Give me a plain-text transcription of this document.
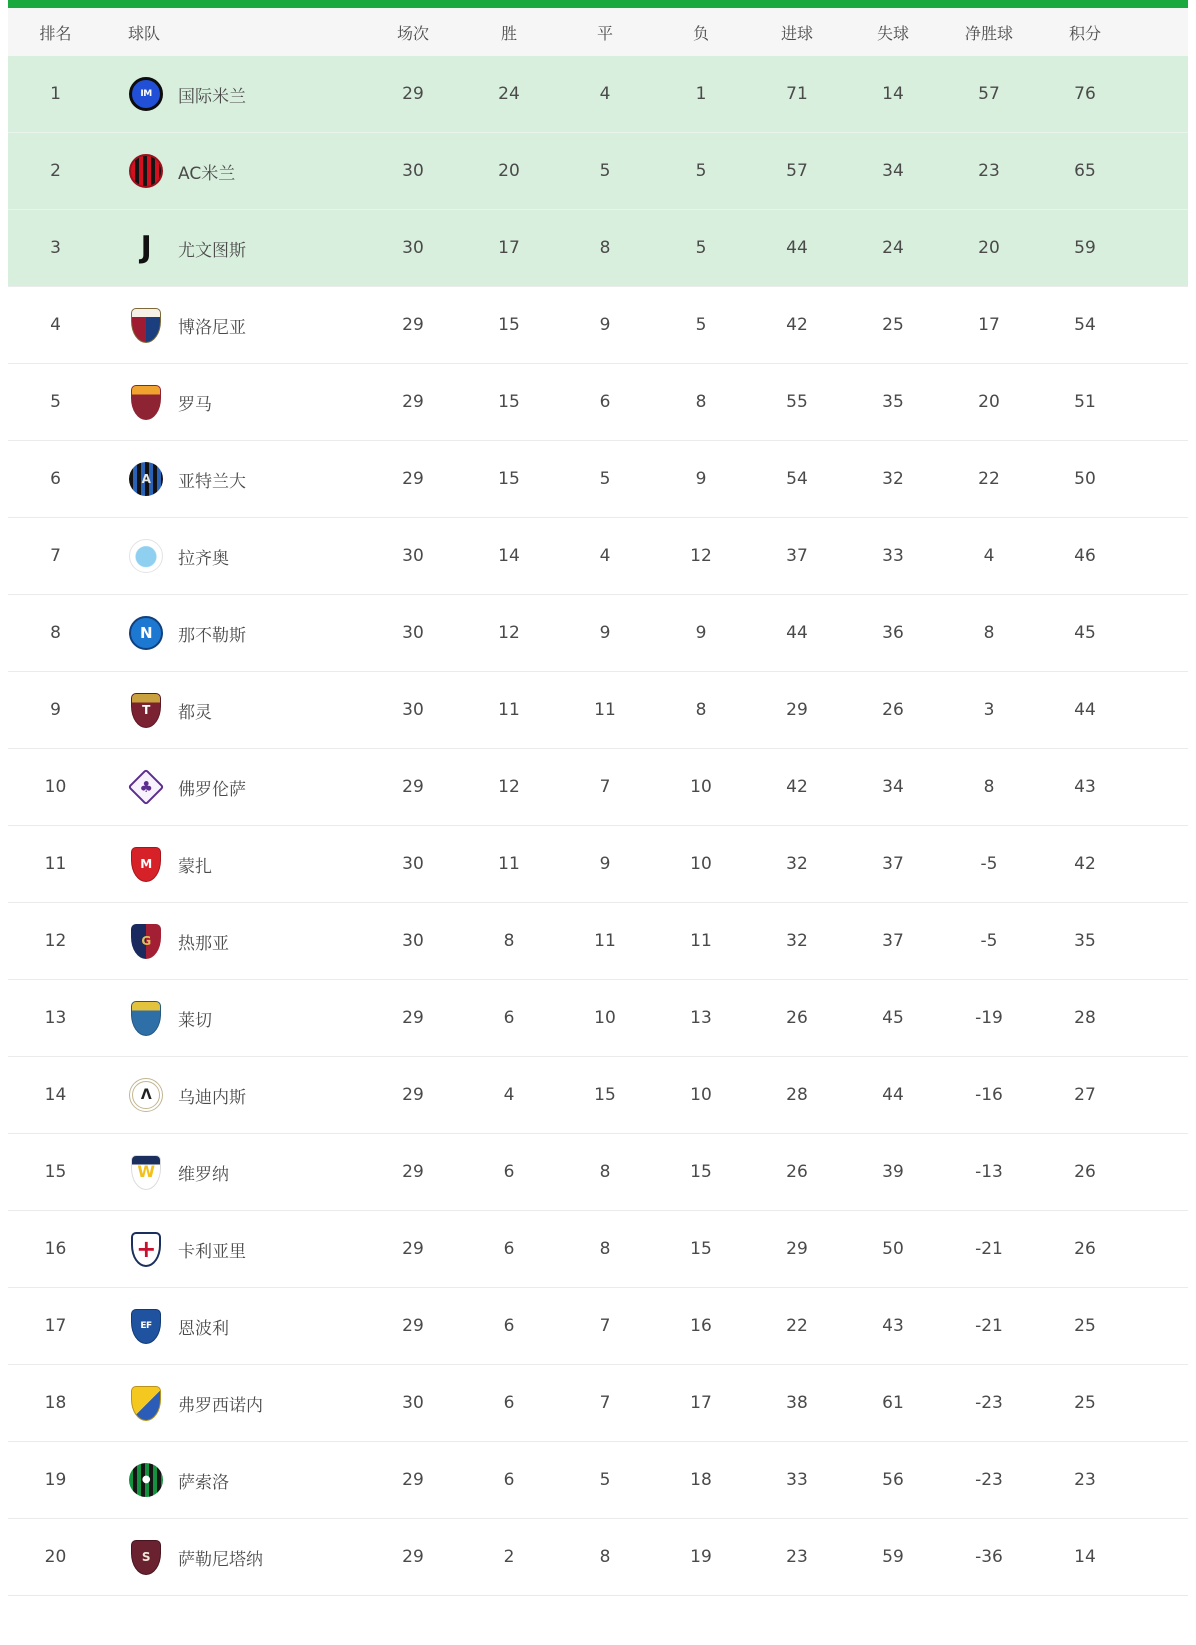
排名	球队	场次	胜	平	负	进球	失球	净胜球	积分	
1	IM 国际米兰	29	24	4	1	71	14	57	76	
2	AC米兰	30	20	5	5	57	34	23	65	
3	J 尤文图斯	30	17	8	5	44	24	20	59	
4	博洛尼亚	29	15	9	5	42	25	17	54	
5	罗马	29	15	6	8	55	35	20	51	
6	A 亚特兰大	29	15	5	9	54	32	22	50	
7	拉齐奥	30	14	4	12	37	33	4	46	
8	N 那不勒斯	30	12	9	9	44	36	8	45	
9	T 都灵	30	11	11	8	29	26	3	44	
10	♣ 佛罗伦萨	29	12	7	10	42	34	8	43	
11	M 蒙扎	30	11	9	10	32	37	-5	42	
12	G 热那亚	30	8	11	11	32	37	-5	35	
13	莱切	29	6	10	13	26	45	-19	28	
14	Λ 乌迪内斯	29	4	15	10	28	44	-16	27	
15	W 维罗纳	29	6	8	15	26	39	-13	26	
16	+ 卡利亚里	29	6	8	15	29	50	-21	26	
17	EF 恩波利	29	6	7	16	22	43	-21	25	
18	弗罗西诺内	30	6	7	17	38	61	-23	25	
19	● 萨索洛	29	6	5	18	33	56	-23	23	
20	S 萨勒尼塔纳	29	2	8	19	23	59	-36	14	
